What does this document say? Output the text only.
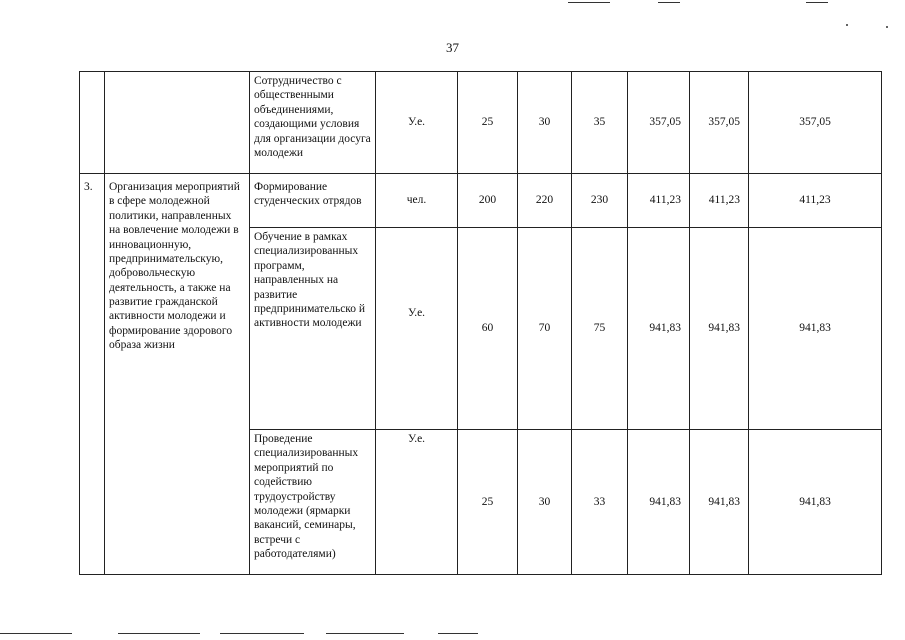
37
		Сотрудничество с общественными объединениями, создающими условия для организации досуга молодежи	У.е.	25	30	35	357,05	357,05	357,05
3.	Организация мероприятий в сфере молодежной политики, направленных на вовлечение молодежи в инновационную, предпринимательскую, добровольческую деятельность, а также на развитие гражданской активности молодежи и формирование здорового образа жизни	Формирование студенческих отрядов	чел.	200	220	230	411,23	411,23	411,23
		Обучение в рамках специализированных программ, направленных на развитие предпринимательско й активности молодежи	У.е.	60	70	75	941,83	941,83	941,83
		Проведение специализированных мероприятий по содействию трудоустройству молодежи (ярмарки вакансий, семинары, встречи с работодателями)	У.е.	25	30	33	941,83	941,83	941,83
